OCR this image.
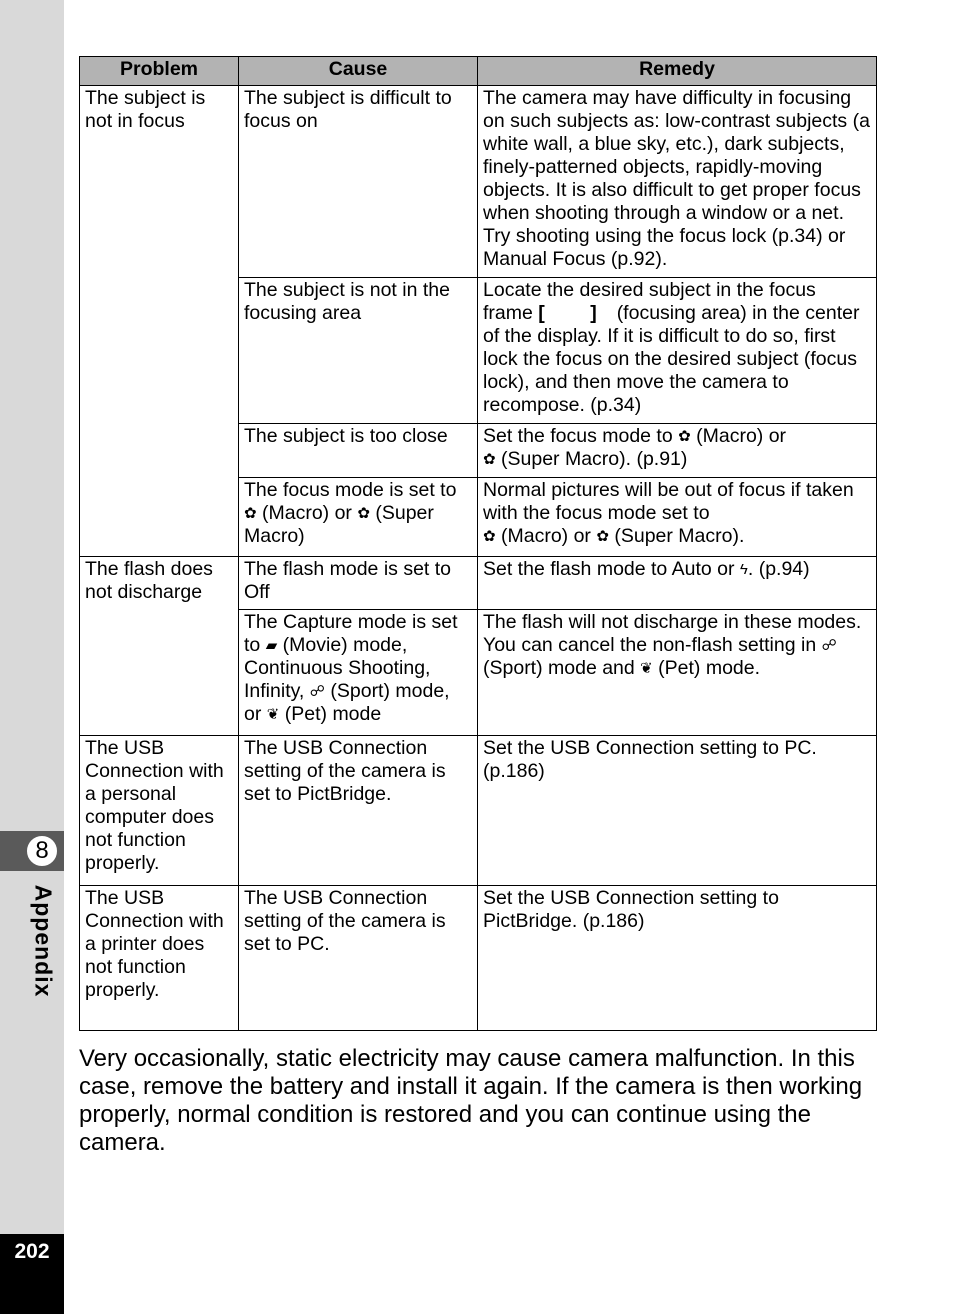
8
Appendix
202
Problem	Cause	Remedy
The subject is not in focus	The subject is difficult to focus on	The camera may have difficulty in focusing on such subjects as: low-contrast subjects (a white wall, a blue sky, etc.), dark subjects, finely-patterned objects, rapidly-moving objects. It is also difficult to get proper focus when shooting through a window or a net. Try shooting using the focus lock (p.34) or Manual Focus (p.92).
	The subject is not in the focusing area	Locate the desired subject in the focus frame [ ](focusing area) in the center of the display. If it is difficult to do so, first lock the focus on the desired subject (focus lock), and then move the camera to recompose. (p.34)
	The subject is too close	Set the focus mode to ✿ (Macro) or
✿ (Super Macro). (p.91)
	The focus mode is set to ✿ (Macro) or ✿ (Super Macro)	Normal pictures will be out of focus if taken with the focus mode set to
✿ (Macro) or ✿ (Super Macro).
The flash does not discharge	The flash mode is set to Off	Set the flash mode to Auto or ϟ. (p.94)
	The Capture mode is set to ▰ (Movie) mode, Continuous Shooting, Infinity, ☍ (Sport) mode, or ❦ (Pet) mode	The flash will not discharge in these modes. You can cancel the non-flash setting in ☍ (Sport) mode and ❦ (Pet) mode.
The USB Connection with a personal computer does not function properly.	The USB Connection setting of the camera is set to PictBridge.	Set the USB Connection setting to PC. (p.186)
The USB Connection with a printer does not function properly.	The USB Connection setting of the camera is set to PC.	Set the USB Connection setting to PictBridge. (p.186)

Very occasionally, static electricity may cause camera malfunction. In this case, remove the battery and install it again. If the camera is then working properly, normal condition is restored and you can continue using the camera.
